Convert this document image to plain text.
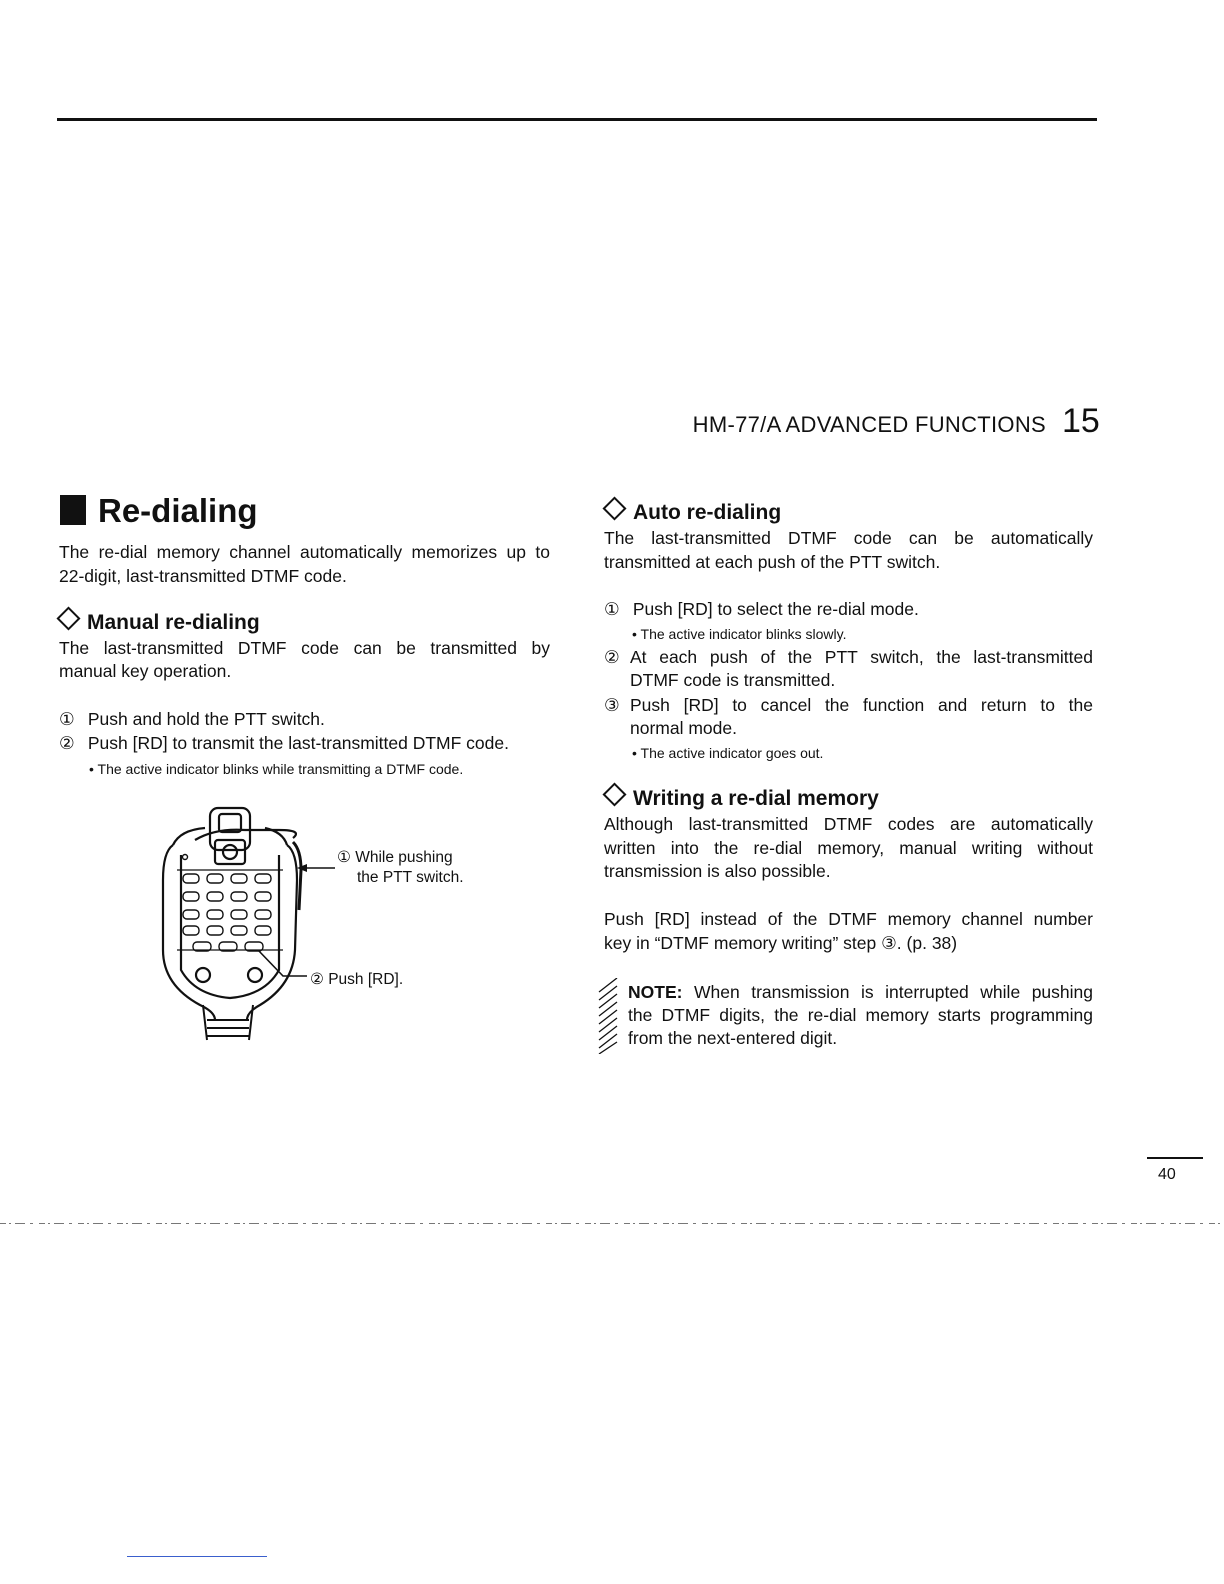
HM-77/A ADVANCED FUNCTIONS 15
Re-dialing
The re-dial memory channel automatically memorizes up to
22-digit, last-transmitted DTMF code.
Manual re-dialing
The last-transmitted DTMF code can be transmitted by
manual key operation.
① Push and hold the PTT switch.
② Push [RD] to transmit the last-transmitted DTMF code.
• The active indicator blinks while transmitting a DTMF code.
① While pushing
the PTT switch.
② Push [RD].
Auto re-dialing
The last-transmitted DTMF code can be automatically
transmitted at each push of the PTT switch.
① Push [RD] to select the re-dial mode.
• The active indicator blinks slowly.
② At each push of the PTT switch, the last-transmitted
DTMF code is transmitted.
③ Push [RD] to cancel the function and return to the
normal mode.
• The active indicator goes out.
Writing a re-dial memory
Although last-transmitted DTMF codes are automatically
written into the re-dial memory, manual writing without
transmission is also possible.
Push [RD] instead of the DTMF memory channel number
key in “DTMF memory writing” step ③. (p. 38)
NOTE: When transmission is interrupted while pushing
the DTMF digits, the re-dial memory starts programming
from the next-entered digit.
40
